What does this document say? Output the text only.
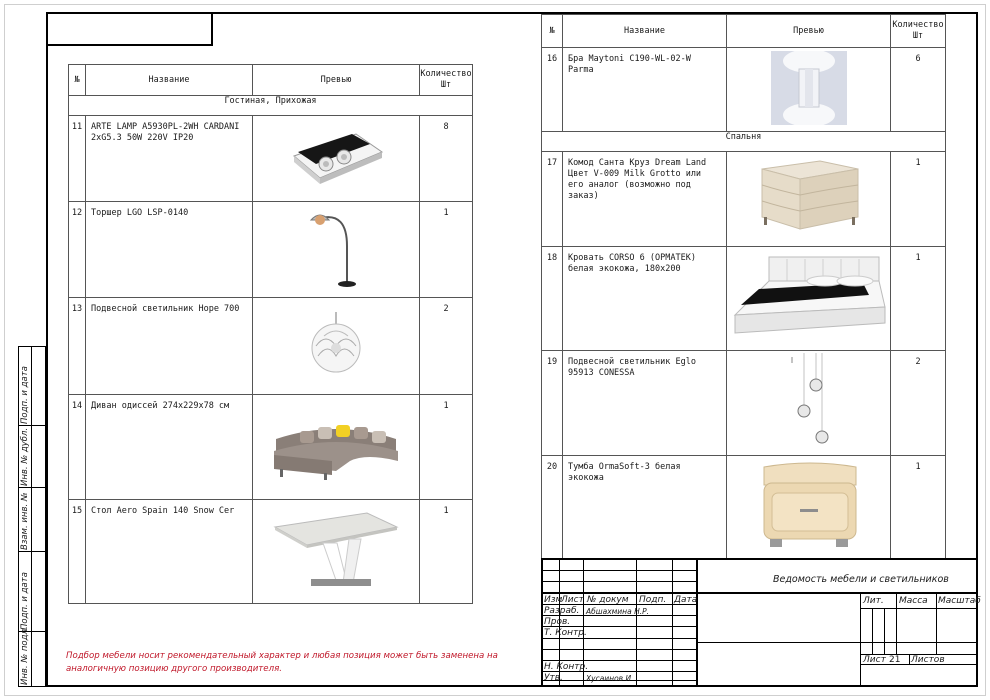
Подп. и дата
Инв. № дубл.
Взам. инв. №
Подп. и дата
Инв. № подл.
№	Название	Превью	Количество Шт
Гостиная, Прихожая			
11	ARTE LAMP A5930PL-2WH CARDANI 2xG5.3 50W 220V IP20		8
12	Торшер LGO LSP-0140		1
13	Подвесной светильник Hope 700		2
14	Диван одиссей 274х229х78 см		1
15	Стол Aero Spain 140 Snow Cer		1
№	Название	Превью	Количество Шт
16	Бра Maytoni C190-WL-02-W Parma		6
Спальня			
17	Комод Санта Круз Dream Land Цвет V-009 Milk Grotto или его аналог (возможно под заказ)		1
18	Кровать CORSO 6 (ОРМАТЕК) белая экокожа, 180х200		1
19	Подвесной светильник Eglo 95913 CONESSA		2
20	Тумба OrmaSoft-3 белая экокожа		1
Подбор мебели носит рекомендательный характер и любая позиция может быть заменена на аналогичную позицию другого производителя.
Ведомость мебели и светильников
Изм
Лист № докум Подп. Дата
Разраб. Абшахмина Н.Р.
Пров.
Т. Контр.
Н. Контр.
Утв.	Хусаинов И
Лит. Масса Масштаб
Лист 21 Листов
